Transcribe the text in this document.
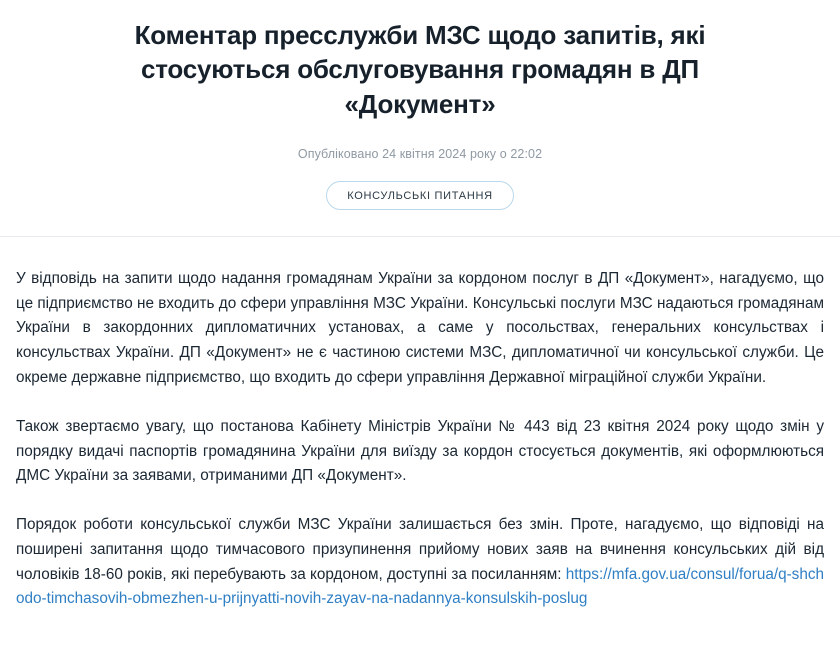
Коментар пресслужби МЗС щодо запитів, які стосуються обслуговування громадян в ДП «Документ»
Опубліковано 24 квітня 2024 року о 22:02
КОНСУЛЬСЬКІ ПИТАННЯ

У відповідь на запити щодо надання громадянам України за кордоном послуг в ДП «Документ», нагадуємо, що це підприємство не входить до сфери управління МЗС України. Консульські послуги МЗС надаються громадянам України в закордонних дипломатичних установах, а саме у посольствах, генеральних консульствах і консульствах України. ДП «Документ» не є частиною системи МЗС, дипломатичної чи консульської служби. Це окреме державне підприємство, що входить до сфери управління Державної міграційної служби України.

Також звертаємо увагу, що постанова Кабінету Міністрів України № 443 від 23 квітня 2024 року щодо змін у порядку видачі паспортів громадянина України для виїзду за кордон стосується документів, які оформлюються ДМС України за заявами, отриманими ДП «Документ».

Порядок роботи консульської служби МЗС України залишається без змін. Проте, нагадуємо, що відповіді на поширені запитання щодо тимчасового призупинення прийому нових заяв на вчинення консульських дій від чоловіків 18-60 років, які перебувають за кордоном, доступні за посиланням: https://mfa.gov.ua/consul/forua/q-shchodo-timchasovih-obmezhen-u-prijnyatti-novih-zayav-na-nadannya-konsulskih-poslug
